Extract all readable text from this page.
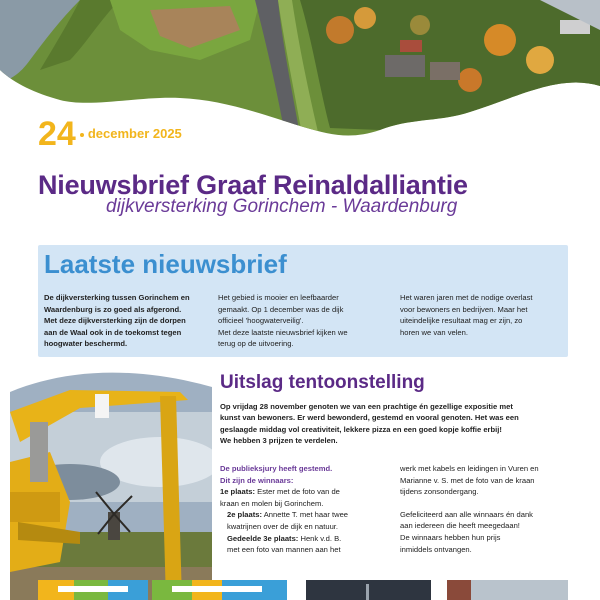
24 december 2025
Nieuwsbrief Graaf Reinaldalliantie
dijkversterking Gorinchem - Waardenburg
Laatste nieuwsbrief
De dijkversterking tussen Gorinchem en
Waardenburg is zo goed als afgerond.
Met deze dijkversterking zijn de dorpen
aan de Waal ook in de toekomst tegen
hoogwater beschermd.
Het gebied is mooier en leefbaarder
gemaakt. Op 1 december was de dijk
officieel 'hoogwaterveilig'.
Met deze laatste nieuwsbrief kijken we
terug op de uitvoering.
Het waren jaren met de nodige overlast
voor bewoners en bedrijven. Maar het
uiteindelijke resultaat mag er zijn, zo
horen we van velen.
Uitslag tentoonstelling
Op vrijdag 28 november genoten we van een prachtige én gezellige expositie met
kunst van bewoners. Er werd bewonderd, gestemd en vooral genoten. Het was een
geslaagde middag vol creativiteit, lekkere pizza en een goed kopje koffie erbij!
We hebben 3 prijzen te verdelen.
De publieksjury heeft gestemd.
Dit zijn de winnaars:
1e plaats: Ester met de foto van de
kraan en molen bij Gorinchem.
2e plaats: Annette T. met haar twee
kwatrijnen over de dijk en natuur.
Gedeelde 3e plaats: Henk v.d. B.
met een foto van mannen aan het
werk met kabels en leidingen in Vuren en
Marianne v. S. met de foto van de kraan
tijdens zonsondergang.
Gefeliciteerd aan alle winnaars én dank
aan iedereen die heeft meegedaan!
De winnaars hebben hun prijs
inmiddels ontvangen.
